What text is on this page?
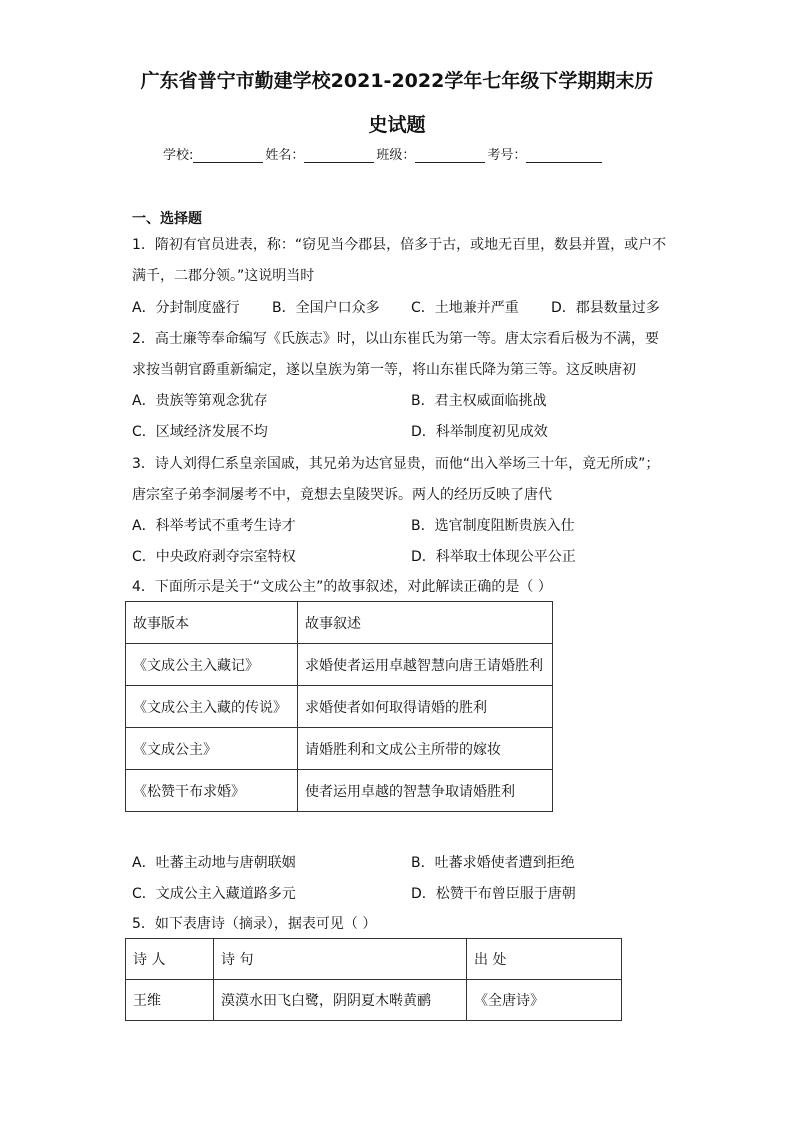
广东省普宁市勤建学校2021-2022学年七年级下学期期末历
史试题
学校:	姓名：	班级：	考号：
一、选择题
1．隋初有官员进表，称：“窃见当今郡县，倍多于古，或地无百里，数县并置，或户不
满千，二郡分领。”这说明当时
A．分封制度盛行 B．全国户口众多 C．土地兼并严重 D．郡县数量过多
2．高士廉等奉命编写《氏族志》时，以山东崔氏为第一等。唐太宗看后极为不满，要
求按当朝官爵重新编定，遂以皇族为第一等，将山东崔氏降为第三等。这反映唐初
A．贵族等第观念犹存	B．君主权威面临挑战
C．区域经济发展不均	D．科举制度初见成效
3．诗人刘得仁系皇亲国戚，其兄弟为达官显贵，而他“出入举场三十年，竟无所成”；
唐宗室子弟李洞屡考不中，竟想去皇陵哭诉。两人的经历反映了唐代
A．科举考试不重考生诗才	B．选官制度阻断贵族入仕
C．中央政府剥夺宗室特权	D．科举取士体现公平公正
4．下面所示是关于“文成公主”的故事叙述，对此解读正确的是（ ）
故事版本	故事叙述
《文成公主入藏记》	求婚使者运用卓越智慧向唐王请婚胜利
《文成公主入藏的传说》	求婚使者如何取得请婚的胜利
《文成公主》	请婚胜利和文成公主所带的嫁妆
《松赞干布求婚》	使者运用卓越的智慧争取请婚胜利
A．吐蕃主动地与唐朝联姻	B．吐蕃求婚使者遭到拒绝
C．文成公主入藏道路多元	D．松赞干布曾臣服于唐朝
5．如下表唐诗（摘录），据表可见（ ）
诗 人	诗 句	出 处
王维	漠漠水田飞白鹭，阴阴夏木啭黄鹂	《全唐诗》
